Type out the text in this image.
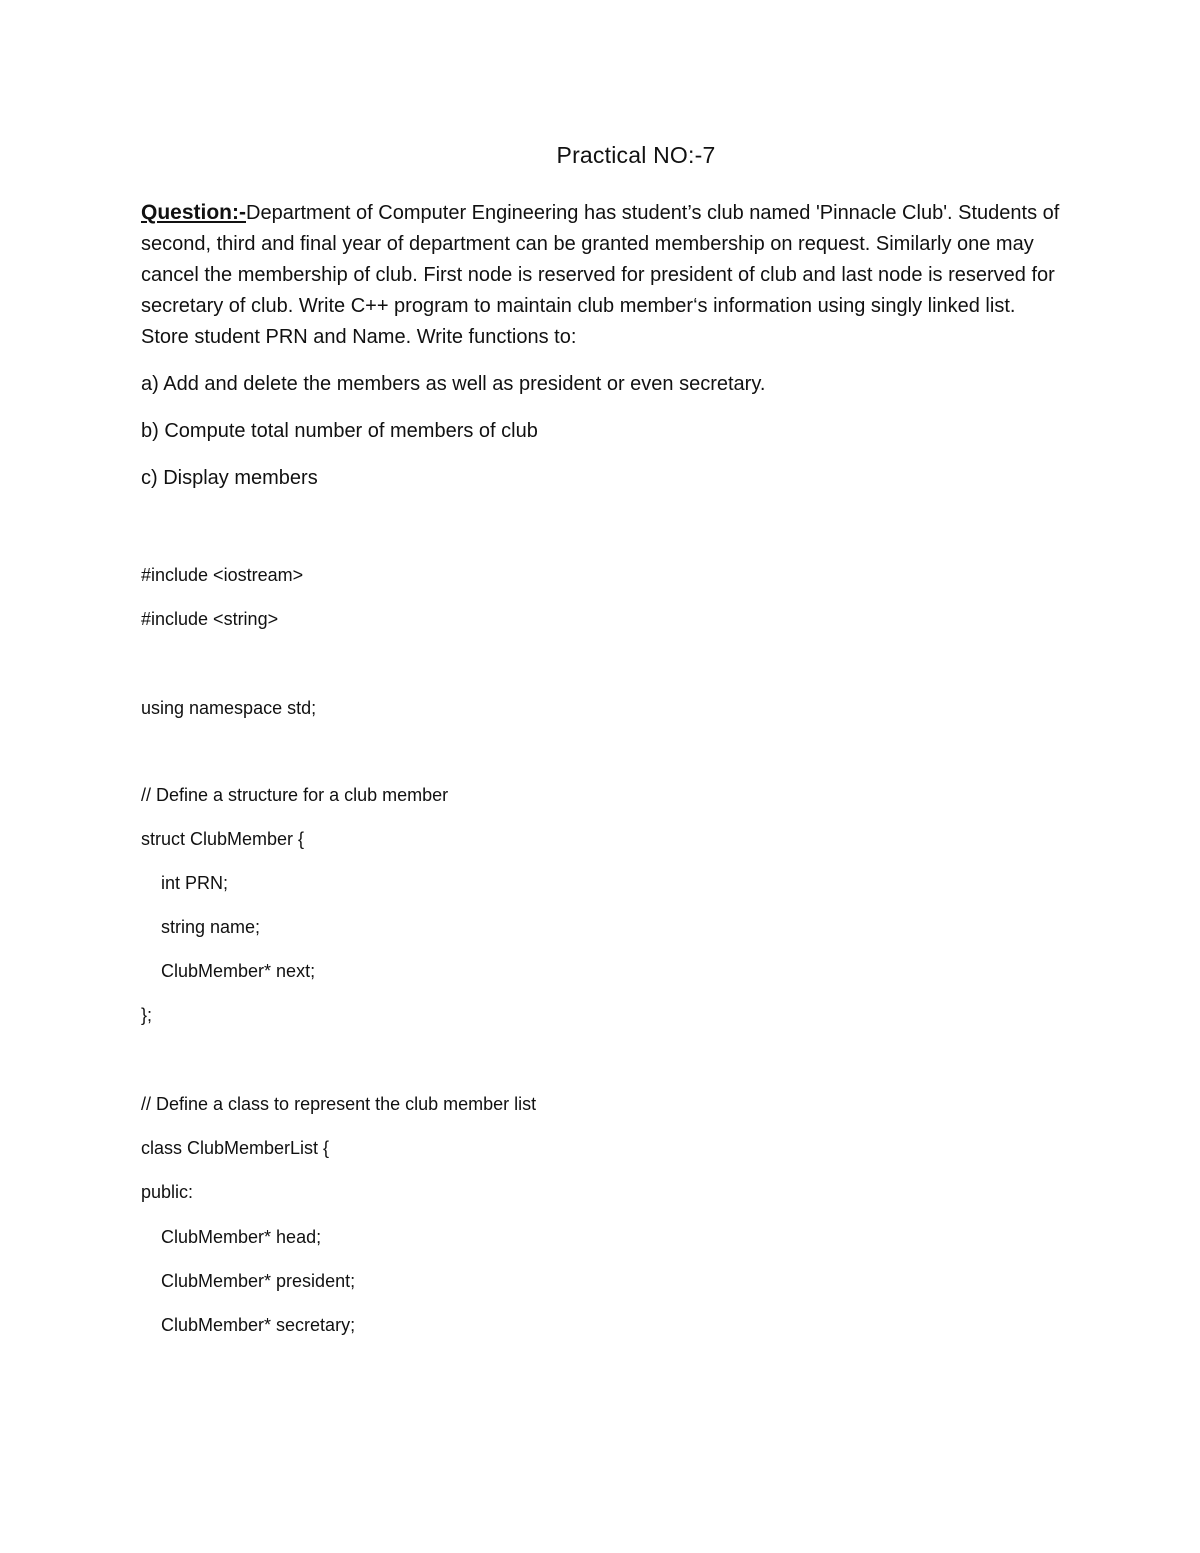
Practical NO:-7
Question:-Department of Computer Engineering has student’s club named 'Pinnacle Club'. Students of second, third and final year of department can be granted membership on request. Similarly one may cancel the membership of club. First node is reserved for president of club and last node is reserved for secretary of club. Write C++ program to maintain club member‘s information using singly linked list. Store student PRN and Name. Write functions to:
a) Add and delete the members as well as president or even secretary.
b) Compute total number of members of club
c) Display members
#include <iostream>
#include <string>
using namespace std;
// Define a structure for a club member
struct ClubMember {
int PRN;
string name;
ClubMember* next;
};
// Define a class to represent the club member list
class ClubMemberList {
public:
ClubMember* head;
ClubMember* president;
ClubMember* secretary;
